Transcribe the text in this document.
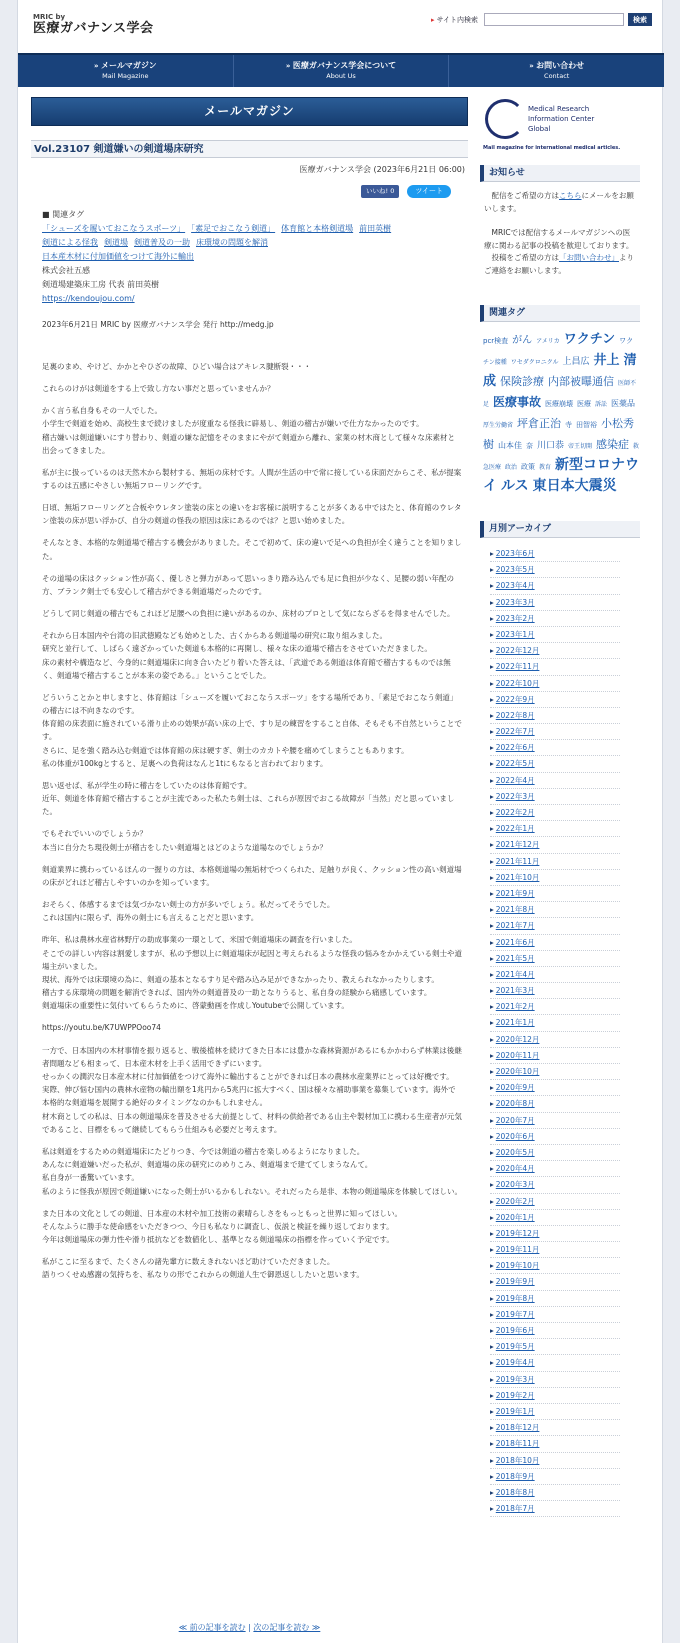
MRIC by
医療ガバナンス学会
▸ サイト内検索	検索
» メールマガジン
Mail Magazine
» 医療ガバナンス学会について
About Us
» お問い合わせ
Contact
メールマガジン
Vol.23107 剣道嫌いの剣道場床研究
医療ガバナンス学会 (2023年6月21日 06:00)
いいね! 0	ツイート
■ 関連タグ
「シューズを履いておこなうスポーツ」 「素足でおこなう剣道」 体育館と本格剣道場 前田英樹
剣道による怪我 剣道場 剣道普及の一助 床環境の問題を解消
日本産木材に付加価値をつけて海外に輸出
株式会社五感
剣道場建築床工房 代表 前田英樹
https://kendoujou.com/
2023年6月21日 MRIC by 医療ガバナンス学会 発行 http://medg.jp

足裏のまめ、やけど、かかとやひざの故障、ひどい場合はアキレス腱断裂・・・

これらのけがは剣道をする上で致し方ない事だと思っていませんか？

かく言う私自身もその一人でした。
小学生で剣道を始め、高校生まで続けましたが度重なる怪我に辟易し、剣道の稽古が嫌いで仕方なかったのです。
稽古嫌いは剣道嫌いにすり替わり、剣道の嫌な記憶をそのままにやがて剣道から離れ、家業の材木商として様々な床素材と出会ってきました。

私が主に扱っているのは天然木から製材する、無垢の床材です。人間が生活の中で常に接している床面だからこそ、私が提案するのは五感にやさしい無垢フローリングです。

日頃、無垢フローリングと合板やウレタン塗装の床との違いをお客様に説明することが多くある中ではたと、体育館のウレタン塗装の床が思い浮かび、自分の剣道の怪我の原因は床にあるのでは？と思い始めました。

そんなとき、本格的な剣道場で稽古する機会がありました。そこで初めて、床の違いで足への負担が全く違うことを知りました。

その道場の床はクッション性が高く、優しさと弾力があって思いっきり踏み込んでも足に負担が少なく、足腰の弱い年配の方、ブランク剣士でも安心して稽古ができる剣道場だったのです。

どうして同じ剣道の稽古でもこれほど足腰への負担に違いがあるのか、床材のプロとして気にならざるを得ませんでした。

それから日本国内や台湾の旧武徳殿なども始めとした、古くからある剣道場の研究に取り組みました。
研究と並行して、しばらく遠ざかっていた剣道も本格的に再開し、様々な床の道場で稽古をさせていただきました。
床の素材や構造など、今身的に剣道場床に向き合いたどり着いた答えは、「武道である剣道は体育館で稽古するものでは無く、剣道場で稽古することが本来の姿である。」ということでした。

どういうことかと申しますと、体育館は「シューズを履いておこなうスポーツ」をする場所であり、「素足でおこなう剣道」の稽古には不向きなのです。
体育館の床表面に施されている滑り止めの効果が高い床の上で、すり足の練習をすること自体、そもそも不自然ということです。
さらに、足を強く踏み込む剣道では体育館の床は硬すぎ、剣士のカカトや腰を痛めてしまうこともあります。
私の体重が100kgとすると、足裏への負荷はなんと1tにもなると言われております。

思い返せば、私が学生の時に稽古をしていたのは体育館です。
近年、剣道を体育館で稽古することが主流であった私たち剣士は、これらが原因でおこる故障が「当然」だと思っていました。

でもそれでいいのでしょうか？
本当に自分たち現役剣士が稽古をしたい剣道場とはどのような道場なのでしょうか？

剣道業界に携わっているほんの一握りの方は、本格剣道場の無垢材でつくられた、足触りが良く、クッション性の高い剣道場の床がどれほど稽古しやすいのかを知っています。

おそらく、体感するまでは気づかない剣士の方が多いでしょう。私だってそうでした。
これは国内に限らず、海外の剣士にも言えることだと思います。

昨年、私は農林水産省林野庁の助成事業の一環として、米国で剣道場床の調査を行いました。
そこでの詳しい内容は割愛しますが、私の予想以上に剣道場床が起因と考えられるような怪我の悩みをかかえている剣士や道場主がいました。
現状、海外では床環境の為に、剣道の基本となるすり足や踏み込み足ができなかったり、教えられなかったりします。
稽古する床環境の問題を解消できれば、国内外の剣道普及の一助となりうると、私自身の経験から痛感しています。
剣道場床の重要性に気付いてもらうために、啓蒙動画を作成しYoutubeで公開しています。

https://youtu.be/K7UWPPOoo74

一方で、日本国内の木材事情を振り返ると、戦後植林を続けてきた日本には豊かな森林資源があるにもかかわらず林業は後継者問題なども相まって、日本産木材を上手く活用できずにいます。
せっかくの潤沢な日本産木材に付加価値をつけて海外に輸出することができれば日本の農林水産業界にとっては好機です。
実際、伸び悩む国内の農林水産物の輸出額を1兆円から5兆円に拡大すべく、国は様々な補助事業を募集しています。海外で本格的な剣道場を展開する絶好のタイミングなのかもしれません。
材木商としての私は、日本の剣道場床を普及させる大前提として、材料の供給者である山主や製材加工に携わる生産者が元気であること、目標をもって継続してもらう仕組みも必要だと考えます。

私は剣道をするための剣道場床にたどりつき、今では剣道の稽古を楽しめるようになりました。
あんなに剣道嫌いだった私が、剣道場の床の研究にのめりこみ、剣道場まで建ててしまうなんて。
私自身が一番驚いています。
私のように怪我が原因で剣道嫌いになった剣士がいるかもしれない。それだったら是非、本物の剣道場床を体験してほしい。

また日本の文化としての剣道、日本産の木材や加工技術の素晴らしさをもっともっと世界に知ってほしい。
そんなふうに勝手な使命感をいただきつつ、今日も私なりに調査し、仮説と検証を繰り返しております。
今年は剣道場床の弾力性や滑り抵抗などを数値化し、基準となる剣道場床の指標を作っていく予定です。

私がここに至るまで、たくさんの諸先輩方に数えきれないほど助けていただきました。
語りつくせぬ感謝の気持ちを、私なりの形でこれからの剣道人生で御恩返ししたいと思います。

≪ 前の記事を読む | 次の記事を読む ≫
Medical Research
Information Center
Global
Mail magazine for international medical articles.
お知らせ
配信をご希望の方はこちらにメールをお願いします。
MRICでは配信するメールマガジンへの医療に関わる記事の投稿を歓迎しております。
投稿をご希望の方は「お問い合わせ」よりご連絡をお願いします。
関連タグ
pcr検査 がん アメリカ ワクチン ワクチン接種 ワセダクロニクル 上昌広 井上 清成 保険診療 内部被曝通信 医師不足 医療事故 医療崩壊 医療 訴訟 医薬品厚生労働省 坪倉正治 寺 田智裕 小松秀樹 山本佳 奈 川口恭 帝王切開 感染症 救急医療 政治 政策 教育 新型コロナウイ ルス 東日本大震災
月別アーカイブ
▸ 2023年6月
▸ 2023年5月
▸ 2023年4月
▸ 2023年3月
▸ 2023年2月
▸ 2023年1月
▸ 2022年12月
▸ 2022年11月
▸ 2022年10月
▸ 2022年9月
▸ 2022年8月
▸ 2022年7月
▸ 2022年6月
▸ 2022年5月
▸ 2022年4月
▸ 2022年3月
▸ 2022年2月
▸ 2022年1月
▸ 2021年12月
▸ 2021年11月
▸ 2021年10月
▸ 2021年9月
▸ 2021年8月
▸ 2021年7月
▸ 2021年6月
▸ 2021年5月
▸ 2021年4月
▸ 2021年3月
▸ 2021年2月
▸ 2021年1月
▸ 2020年12月
▸ 2020年11月
▸ 2020年10月
▸ 2020年9月
▸ 2020年8月
▸ 2020年7月
▸ 2020年6月
▸ 2020年5月
▸ 2020年4月
▸ 2020年3月
▸ 2020年2月
▸ 2020年1月
▸ 2019年12月
▸ 2019年11月
▸ 2019年10月
▸ 2019年9月
▸ 2019年8月
▸ 2019年7月
▸ 2019年6月
▸ 2019年5月
▸ 2019年4月
▸ 2019年3月
▸ 2019年2月
▸ 2019年1月
▸ 2018年12月
▸ 2018年11月
▸ 2018年10月
▸ 2018年9月
▸ 2018年8月
▸ 2018年7月
